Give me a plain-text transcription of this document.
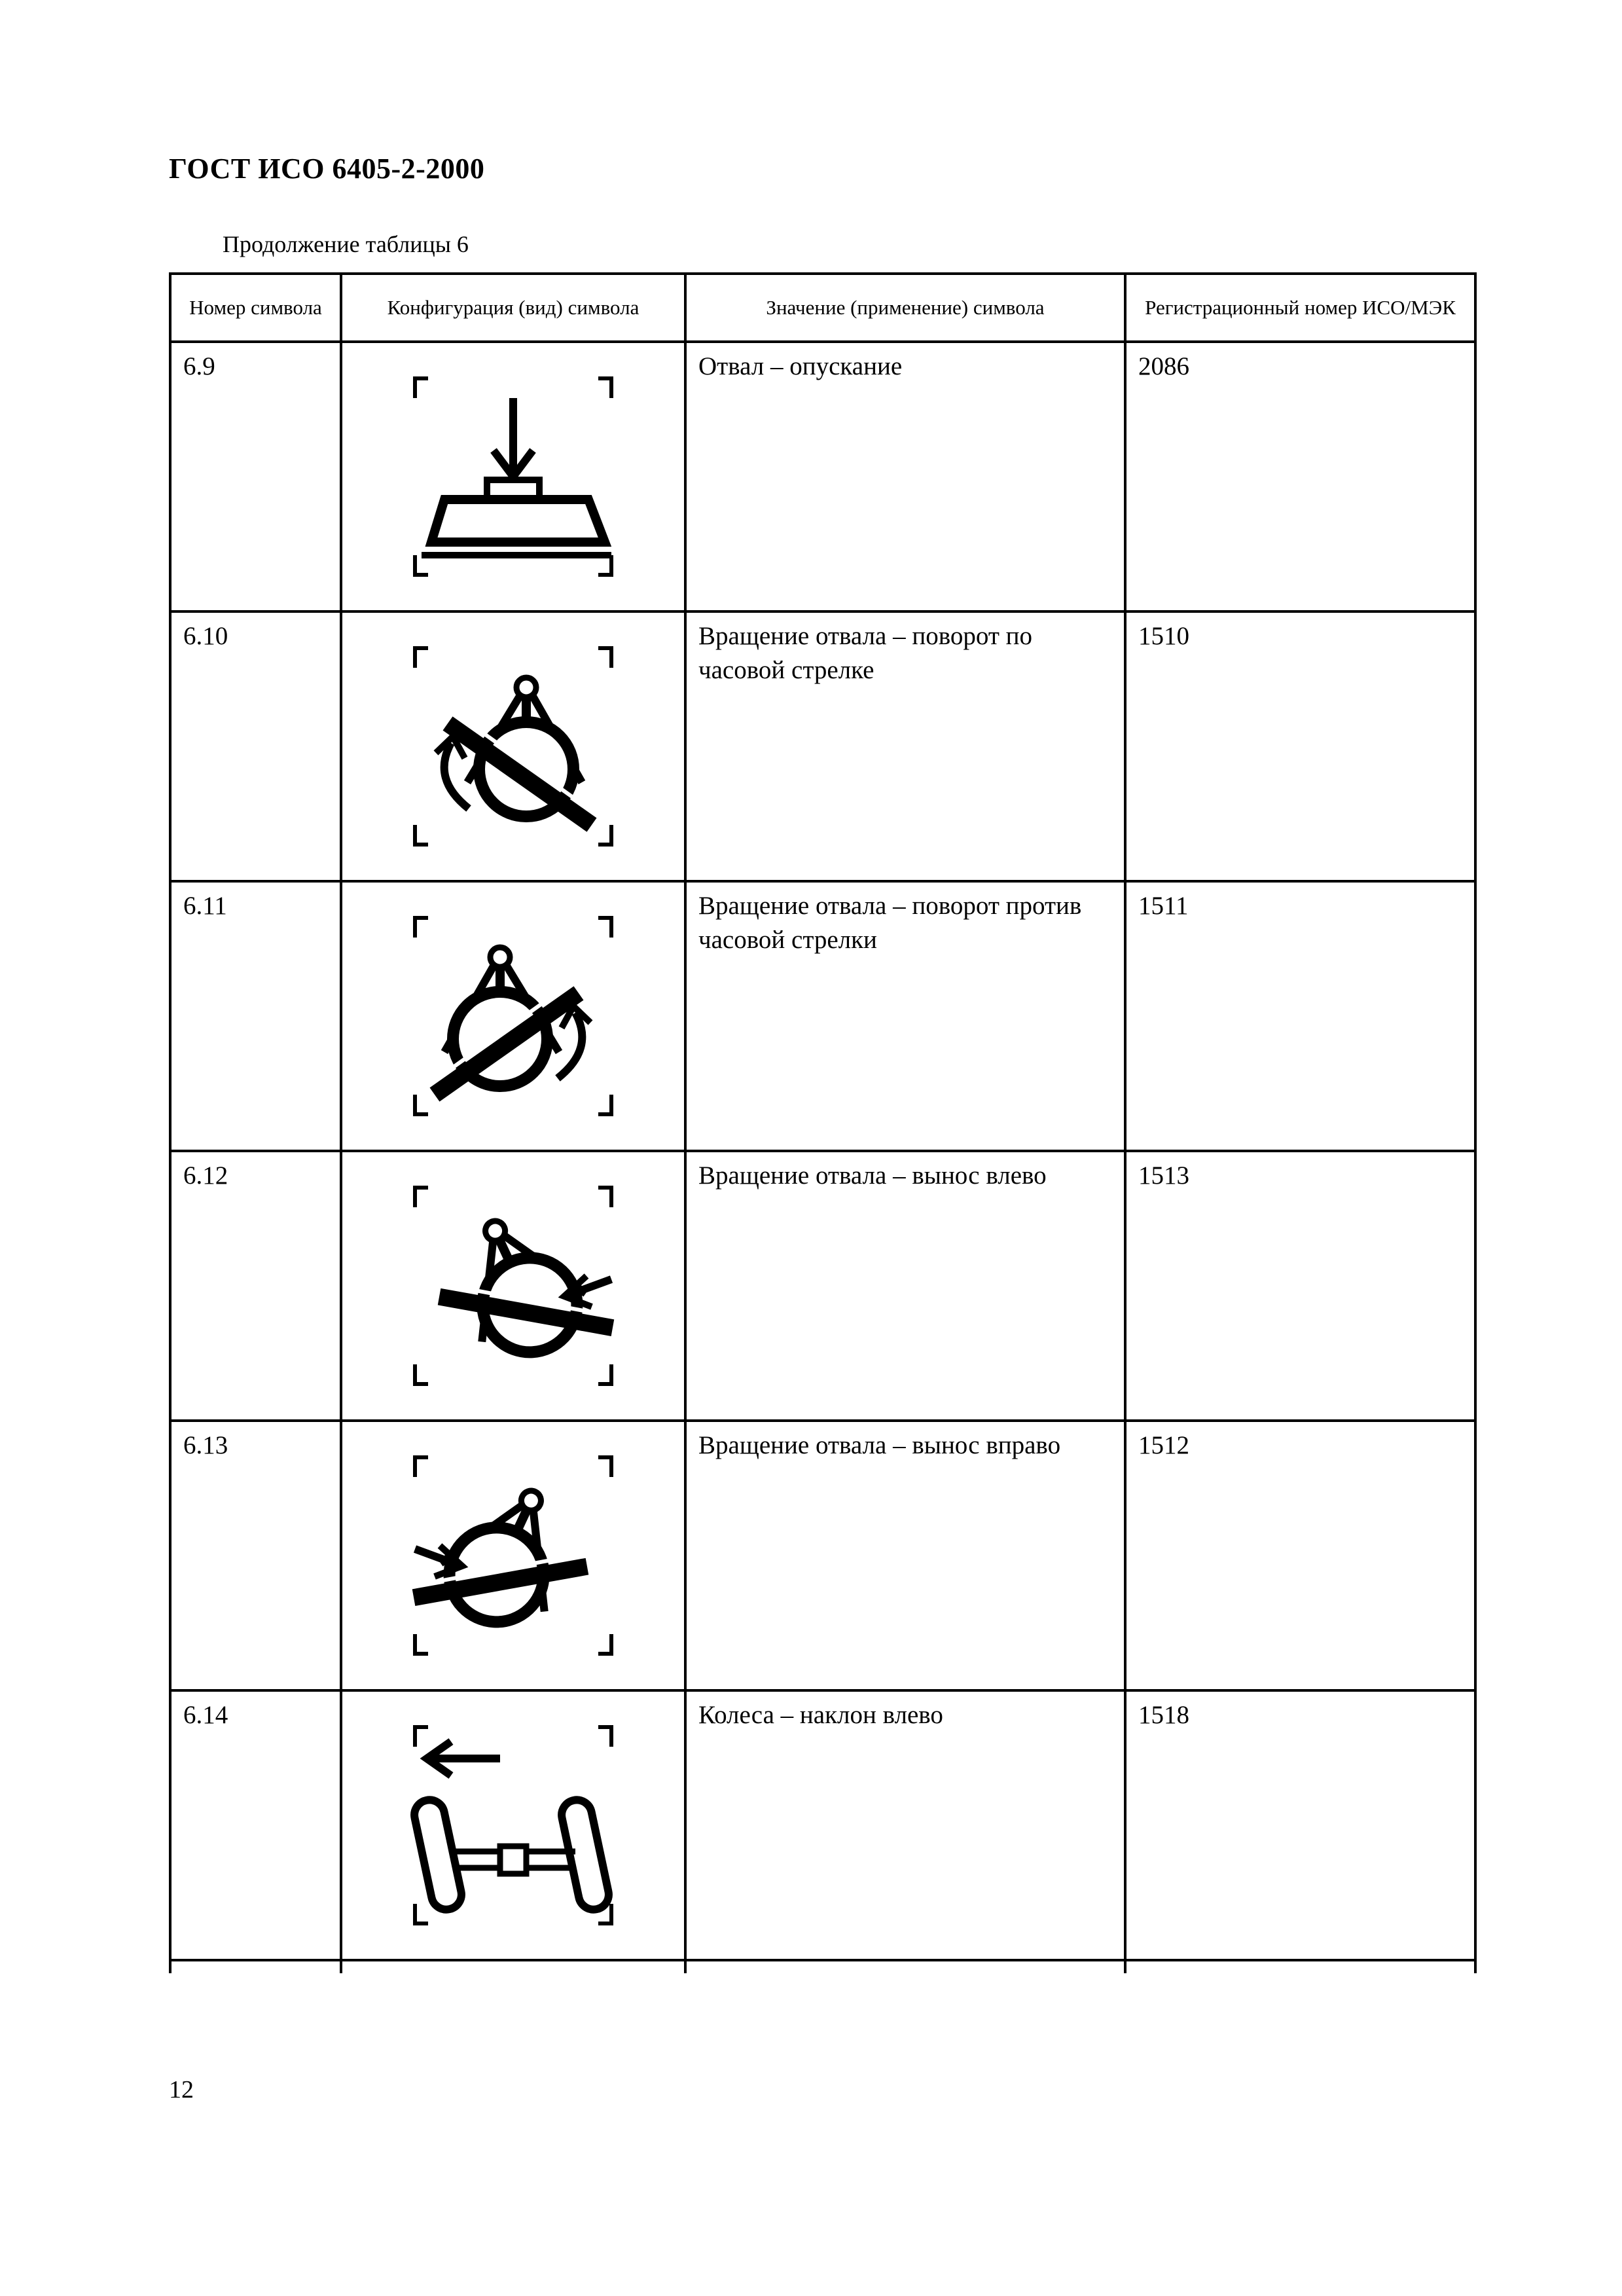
ГОСТ ИСО 6405-2-2000
Продолжение таблицы 6
Номер символа	Конфигурация (вид) символа	Значение (применение) символа	Регистрационный номер ИСО/МЭК
6.9		Отвал – опускание	2086
6.10		Вращение отвала – поворот по часовой стрелке	1510
6.11		Вращение отвала – поворот против часовой стрелки	1511
6.12		Вращение отвала – вынос влево	1513
6.13		Вращение отвала – вынос вправо	1512
6.14		Колеса – наклон влево	1518

12
